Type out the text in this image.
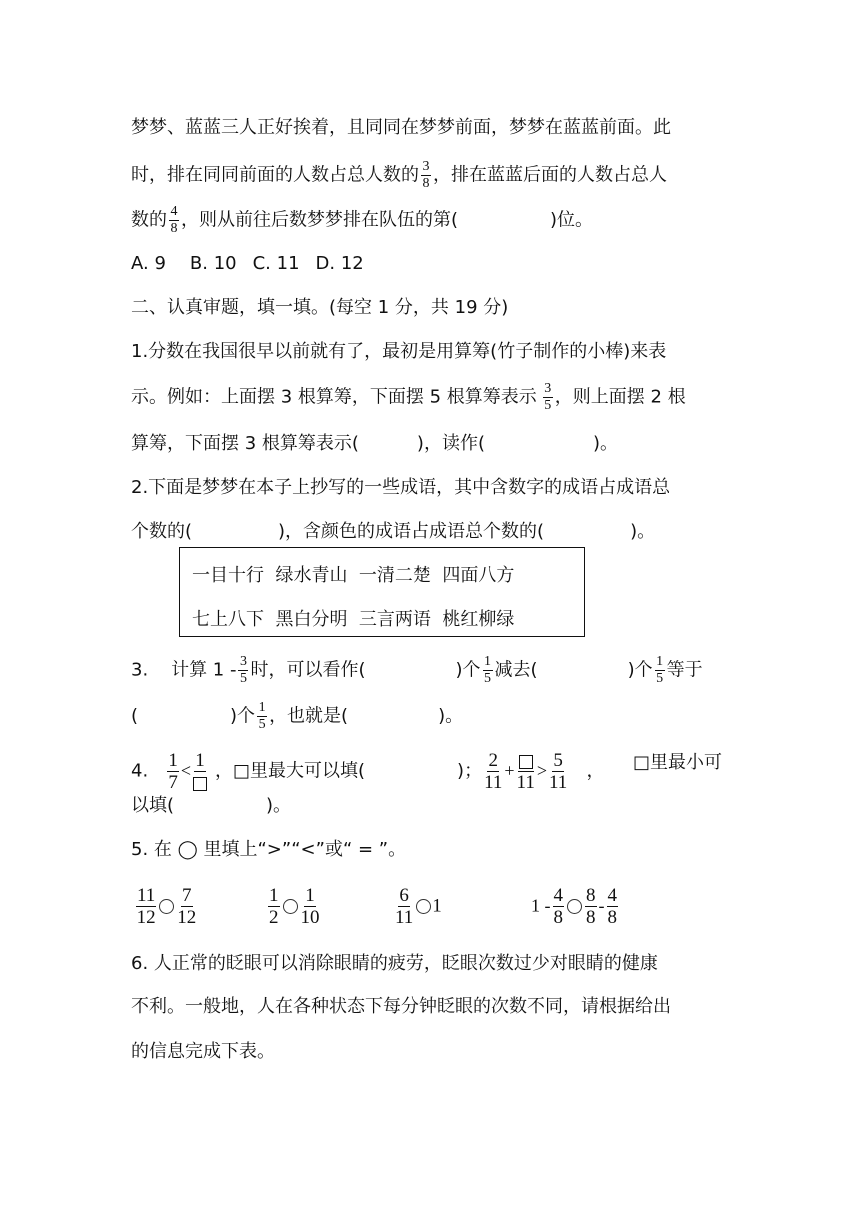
梦梦、蓝蓝三人正好挨着，且同同在梦梦前面，梦梦在蓝蓝前面。此
时，排在同同前面的人数占总人数的 $\frac{3}{8}$ ，排在蓝蓝后面的人数占总人
数的 $\frac{4}{8}$ ，则从前往后数梦梦排在队伍的第(	)位。
A. 9 B. 10 C. 11 D. 12
二、认真审题，填一填。(每空 1 分，共 19 分)
1.分数在我国很早以前就有了，最初是用算筹(竹子制作的小棒)来表
示。例如：上面摆 3 根算筹，下面摆 5 根算筹表示 $\frac{3}{5}$ ，则上面摆 2 根
算筹，下面摆 3 根算筹表示(	)，读作(	)。
2.下面是梦梦在本子上抄写的一些成语，其中含数字的成语占成语总
个数的(	)，含颜色的成语占成语总个数的(	)。
一目十行 绿水青山 一清二楚 四面八方
七上八下 黑白分明 三言两语 桃红柳绿
3. 计算 $1 - \frac{3}{5}$ 时，可以看作(	)个 $\frac{1}{5}$ 减去(	)个 $\frac{1}{5}$ 等于
(	)个 $\frac{1}{5}$ ，也就是(	)。
4. $\frac{1}{7} < 1$ ，□里最大可以填(	)； $\frac{2}{11}$ +
11
> $\frac{5}{11}$ ， □里最小可
以填(	)。
5. 在 ◯ 里填上“>”“<”或“ = ”。
$\frac{11}{12} \frac{7}{12}$	$\frac{1}{2} \frac{1}{10}$	$\frac{6}{11} 1$	$1 - \frac{4}{8} \frac{8}{8} - \frac{4}{8}$
6. 人正常的眨眼可以消除眼睛的疲劳，眨眼次数过少对眼睛的健康
不利。一般地，人在各种状态下每分钟眨眼的次数不同，请根据给出
的信息完成下表。
